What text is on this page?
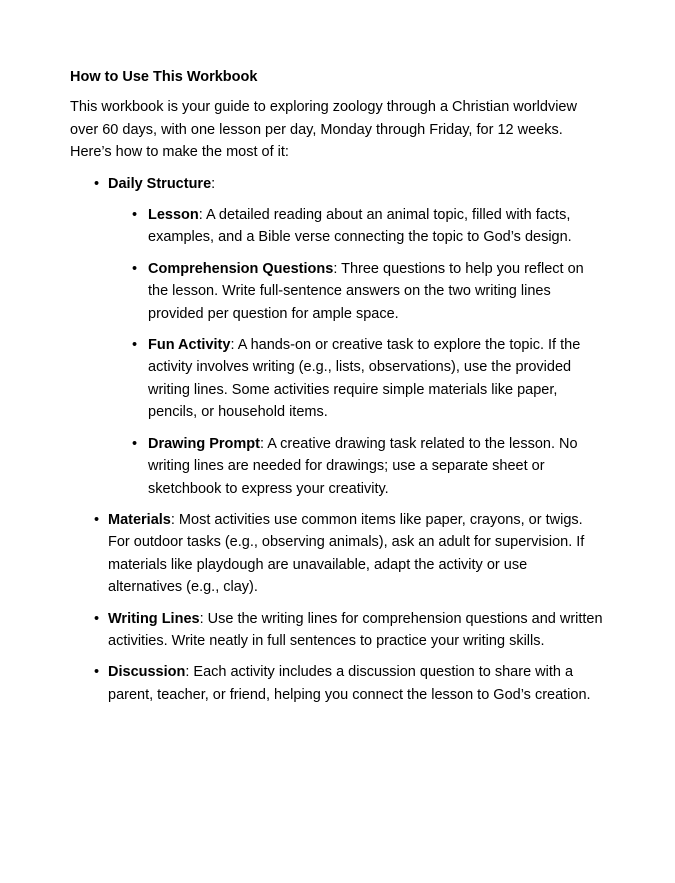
How to Use This Workbook

This workbook is your guide to exploring zoology through a Christian worldview over 60 days, with one lesson per day, Monday through Friday, for 12 weeks. Here’s how to make the most of it:

• Daily Structure:
• Lesson: A detailed reading about an animal topic, filled with facts, examples, and a Bible verse connecting the topic to God’s design.
• Comprehension Questions: Three questions to help you reflect on the lesson. Write full-sentence answers on the two writing lines provided per question for ample space.
• Fun Activity: A hands-on or creative task to explore the topic. If the activity involves writing (e.g., lists, observations), use the provided writing lines. Some activities require simple materials like paper, pencils, or household items.
• Drawing Prompt: A creative drawing task related to the lesson. No writing lines are needed for drawings; use a separate sheet or sketchbook to express your creativity.
• Materials: Most activities use common items like paper, crayons, or twigs. For outdoor tasks (e.g., observing animals), ask an adult for supervision. If materials like playdough are unavailable, adapt the activity or use alternatives (e.g., clay).
• Writing Lines: Use the writing lines for comprehension questions and written activities. Write neatly in full sentences to practice your writing skills.
• Discussion: Each activity includes a discussion question to share with a parent, teacher, or friend, helping you connect the lesson to God’s creation.
